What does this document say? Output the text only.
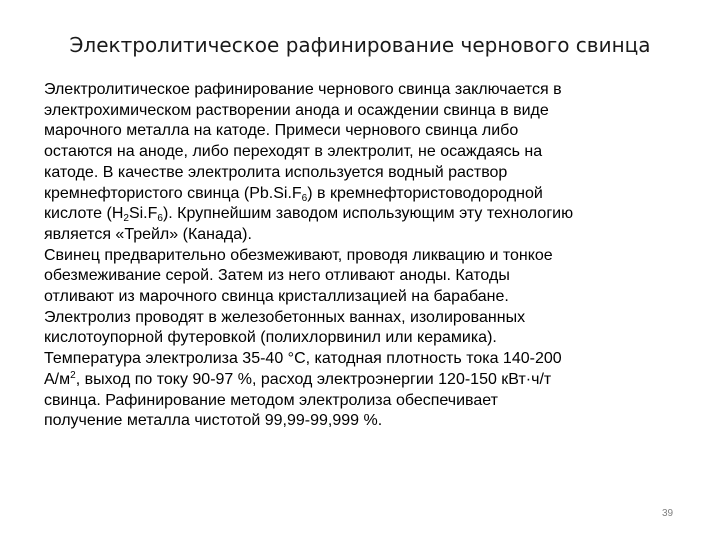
Электролитическое рафинирование чернового свинца

Электролитическое рафинирование чернового свинца заключается в
электрохимическом растворении анода и осаждении свинца в виде
марочного металла на катоде. Примеси чернового свинца либо
остаются на аноде, либо переходят в электролит, не осаждаясь на
катоде. В качестве электролита используется водный раствор
кремнефтористого свинца $(Pb.Si.F_6)$ в кремнефтористоводородной
кислоте $(H_2Si.F_6)$. Крупнейшим заводом использующим эту технологию
является «Трейл» (Канада).

Свинец предварительно обезмеживают, проводя ликвацию и тонкое
обезмеживание серой. Затем из него отливают аноды. Катоды
отливают из марочного свинца кристаллизацией на барабане.
Электролиз проводят в железобетонных ваннах, изолированных
кислотоупорной футеровкой (полихлорвинил или керамика).
Температура электролиза 35-40 °С, катодная плотность тока 140-200
$А/м^2$, выход по току 90-97 %, расход электроэнергии 120-150 кВт·ч/т
свинца. Рафинирование методом электролиза обеспечивает
получение металла чистотой 99,99-99,999 %.

39
